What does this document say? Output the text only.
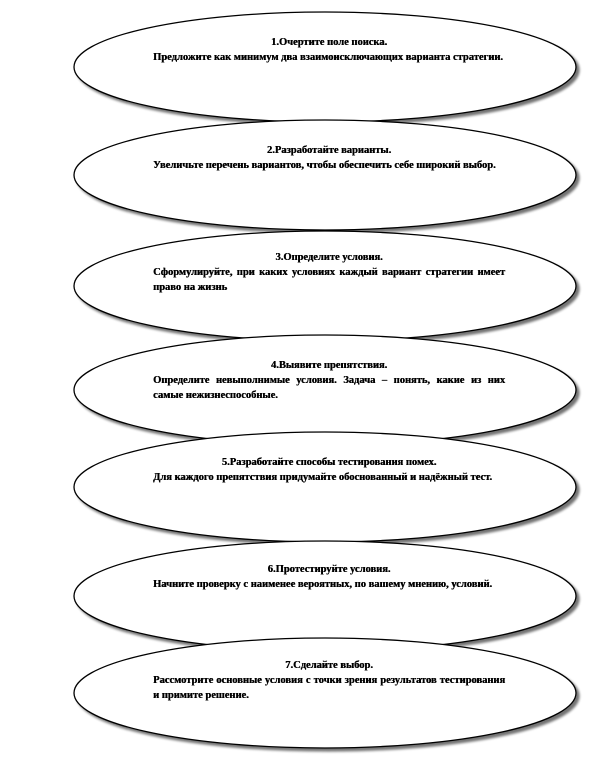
1.Очертите поле поиска.
Предложите как минимум два взаимоисключающих варианта стратегии.
2.Разработайте варианты.
Увеличьте перечень вариантов, чтобы обеспечить себе широкий выбор.
3.Определите условия.
Сформулируйте, при каких условиях каждый вариант стратегии имеет право на жизнь
4.Выявите препятствия.
Определите невыполнимые условия. Задача – понять, какие из них самые нежизнеспособные.
5.Разработайте способы тестирования помех.
Для каждого препятствия придумайте обоснованный и надёжный тест.
6.Протестируйте условия.
Начните проверку с наименее вероятных, по вашему мнению, условий.
7.Сделайте выбор.
Рассмотрите основные условия с точки зрения результатов тестирования и примите решение.
